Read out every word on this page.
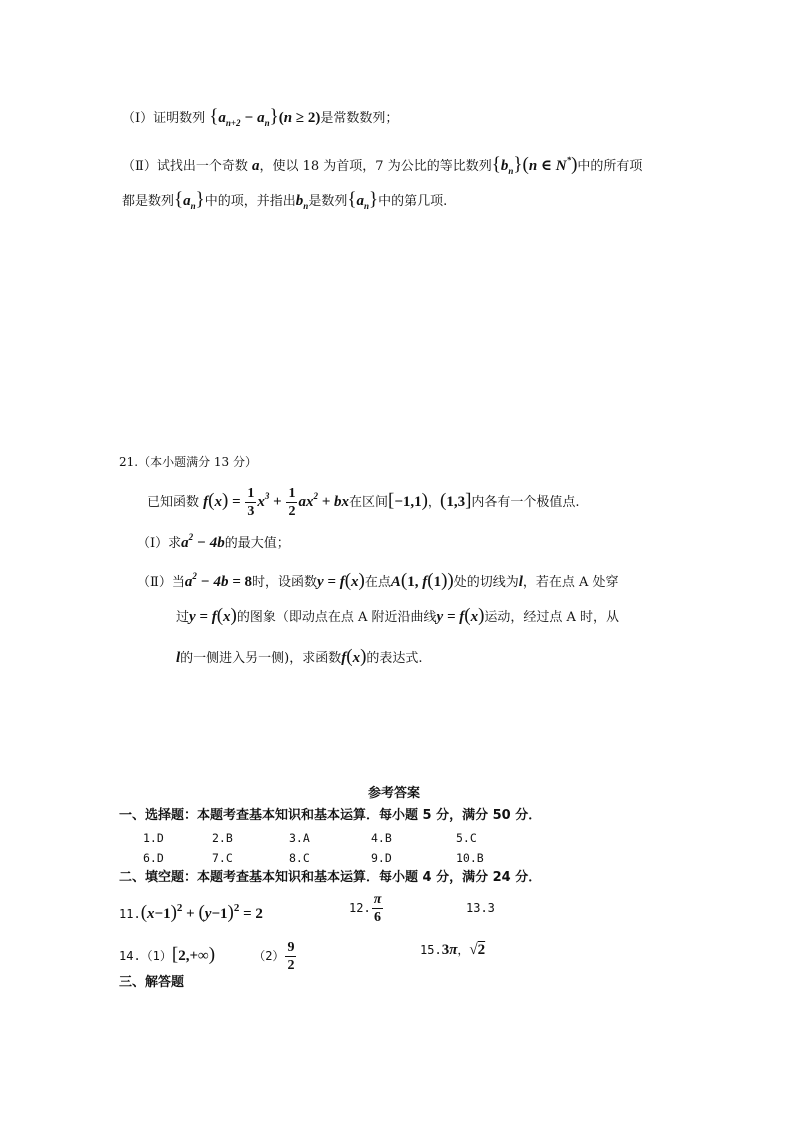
（Ⅰ）证明数列 $\{a_{n+2} - a_n\}(n \ge 2)$是常数数列；
（Ⅱ）试找出一个奇数 a，使以 18 为首项，7 为公比的等比数列$\{b_n\}(n$ ∈ N*)中的所有项
都是数列$\{a_n\}$中的项，并指出$b_n$是数列$\{a_n\}$中的第几项.
21.（本小题满分 13 分）
已知函数 $f(x) = \frac{1}{3} x^3 + \frac{1}{2} ax^2$ + bx在区间[−1,1)，(1,3]内各有一个极值点.
（Ⅰ）求$a^2 - 4b$的最大值；
（Ⅱ）当$a^2 - 4b = 8$时，设函数y = f(x)在点A(1, f(1))处的切线为l，若在点 A 处穿
过y = f(x)的图象（即动点在点 A 附近沿曲线y = f(x)运动，经过点 A 时，从
l的一侧进入另一侧)，求函数f(x)的表达式.
参考答案
一、选择题：本题考查基本知识和基本运算．每小题 5 分，满分 50 分．
1.D	2.B	3.A	4.B	5.C
6.D	7.C	8.C	9.D	10.B
二、填空题：本题考查基本知识和基本运算．每小题 4 分，满分 24 分．
$11.(x-1)^2 + (y-1)^2 = 2$	12. $\frac{\pi}{6}$	13.3
14.（1）[2,+∞)	$(2) \frac{9}{2}$	15.3π，√2
三、解答题
